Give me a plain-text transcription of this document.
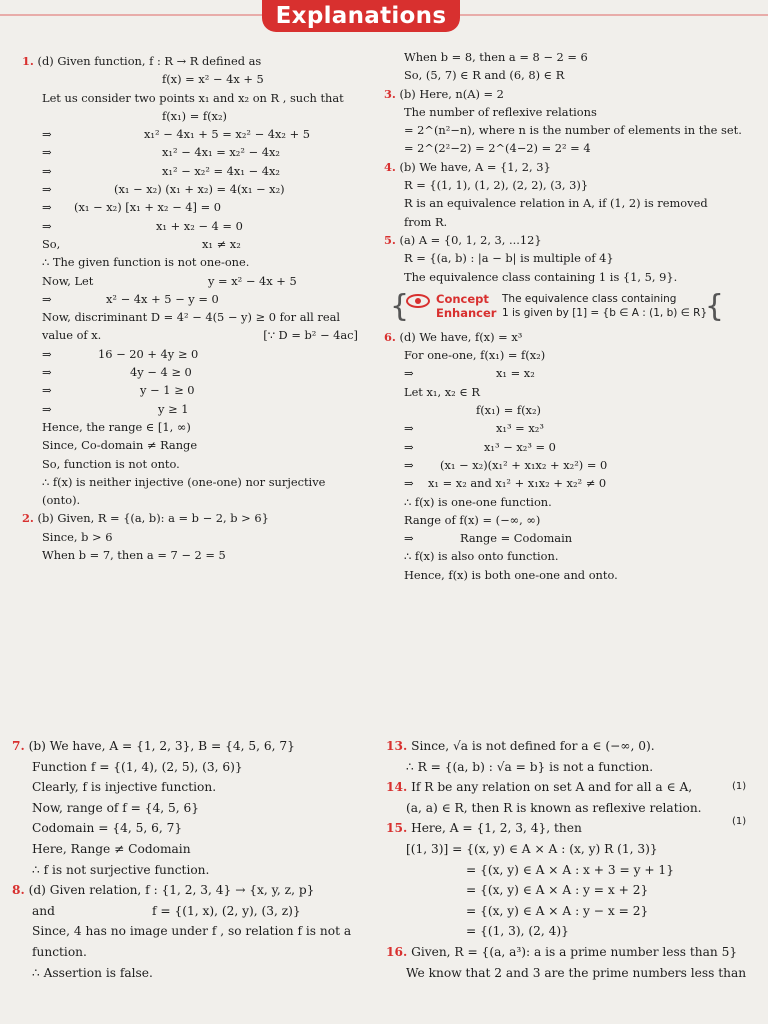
Explanations
1. (d) Given function, f : R → R defined as
f(x) = x² − 4x + 5
Let us consider two points x₁ and x₂ on R , such that
f(x₁) = f(x₂)
⇒	x₁² − 4x₁ + 5 = x₂² − 4x₂ + 5
⇒	x₁² − 4x₁ = x₂² − 4x₂
⇒	x₁² − x₂² = 4x₁ − 4x₂
⇒	(x₁ − x₂) (x₁ + x₂) = 4(x₁ − x₂)
⇒ (x₁ − x₂) [x₁ + x₂ − 4] = 0
⇒	x₁ + x₂ − 4 = 0
So,	x₁ ≠ x₂
∴ The given function is not one-one.
Now, Let	y = x² − 4x + 5
⇒	x² − 4x + 5 − y = 0
Now, discriminant D = 4² − 4(5 − y) ≥ 0 for all real
value of x.	[∵ D = b² − 4ac]
⇒	16 − 20 + 4y ≥ 0
⇒	4y − 4 ≥ 0
⇒	y − 1 ≥ 0
⇒	y ≥ 1
Hence, the range ∈ [1, ∞)
Since, Co-domain ≠ Range
So, function is not onto.
∴ f(x) is neither injective (one-one) nor surjective
(onto).
2. (b) Given, R = {(a, b): a = b − 2, b > 6}
Since, b > 6
When b = 7, then a = 7 − 2 = 5
When b = 8, then a = 8 − 2 = 6
So, (5, 7) ∈ R and (6, 8) ∈ R
3. (b) Here, n(A) = 2
The number of reflexive relations
= 2^(n²−n), where n is the number of elements in the set.
= 2^(2²−2) = 2^(4−2) = 2² = 4
4. (b) We have, A = {1, 2, 3}
R = {(1, 1), (1, 2), (2, 2), (3, 3)}
R is an equivalence relation in A, if (1, 2) is removed
from R.
5. (a) A = {0, 1, 2, 3, ...12}
R = {(a, b) : |a − b| is multiple of 4}
The equivalence class containing 1 is {1, 5, 9}.
{ Concept
Enhancer
The equivalence class containing
1 is given by [1] = {b ∈ A : (1, b) ∈ R}
{
6. (d) We have, f(x) = x³
For one-one, f(x₁) = f(x₂)
⇒	x₁ = x₂
Let x₁, x₂ ∈ R
f(x₁) = f(x₂)
⇒	x₁³ = x₂³
⇒	x₁³ − x₂³ = 0
⇒ (x₁ − x₂)(x₁² + x₁x₂ + x₂²) = 0
⇒ x₁ = x₂ and x₁² + x₁x₂ + x₂² ≠ 0
∴ f(x) is one-one function.
Range of f(x) = (−∞, ∞)
⇒	Range = Codomain
∴ f(x) is also onto function.
Hence, f(x) is both one-one and onto.
7. (b) We have, A = {1, 2, 3}, B = {4, 5, 6, 7}
Function f = {(1, 4), (2, 5), (3, 6)}
Clearly, f is injective function.
Now, range of f = {4, 5, 6}
Codomain = {4, 5, 6, 7}
Here, Range ≠ Codomain
∴ f is not surjective function.
8. (d) Given relation, f : {1, 2, 3, 4} → {x, y, z, p}
and	f = {(1, x), (2, y), (3, z)}
Since, 4 has no image under f , so relation f is not a
function.
∴ Assertion is false.
13. Since, √a is not defined for a ∈ (−∞, 0).
∴ R = {(a, b) : √a = b} is not a function.
14. If R be any relation on set A and for all a ∈ A,	(1)
(a, a) ∈ R, then R is known as reflexive relation.
15. Here, A = {1, 2, 3, 4}, then	(1)
[(1, 3)] = {(x, y) ∈ A × A : (x, y) R (1, 3)}
= {(x, y) ∈ A × A : x + 3 = y + 1}
= {(x, y) ∈ A × A : y = x + 2}
= {(x, y) ∈ A × A : y − x = 2}
= {(1, 3), (2, 4)}
16. Given, R = {(a, a³): a is a prime number less than 5}
We know that 2 and 3 are the prime numbers less than
